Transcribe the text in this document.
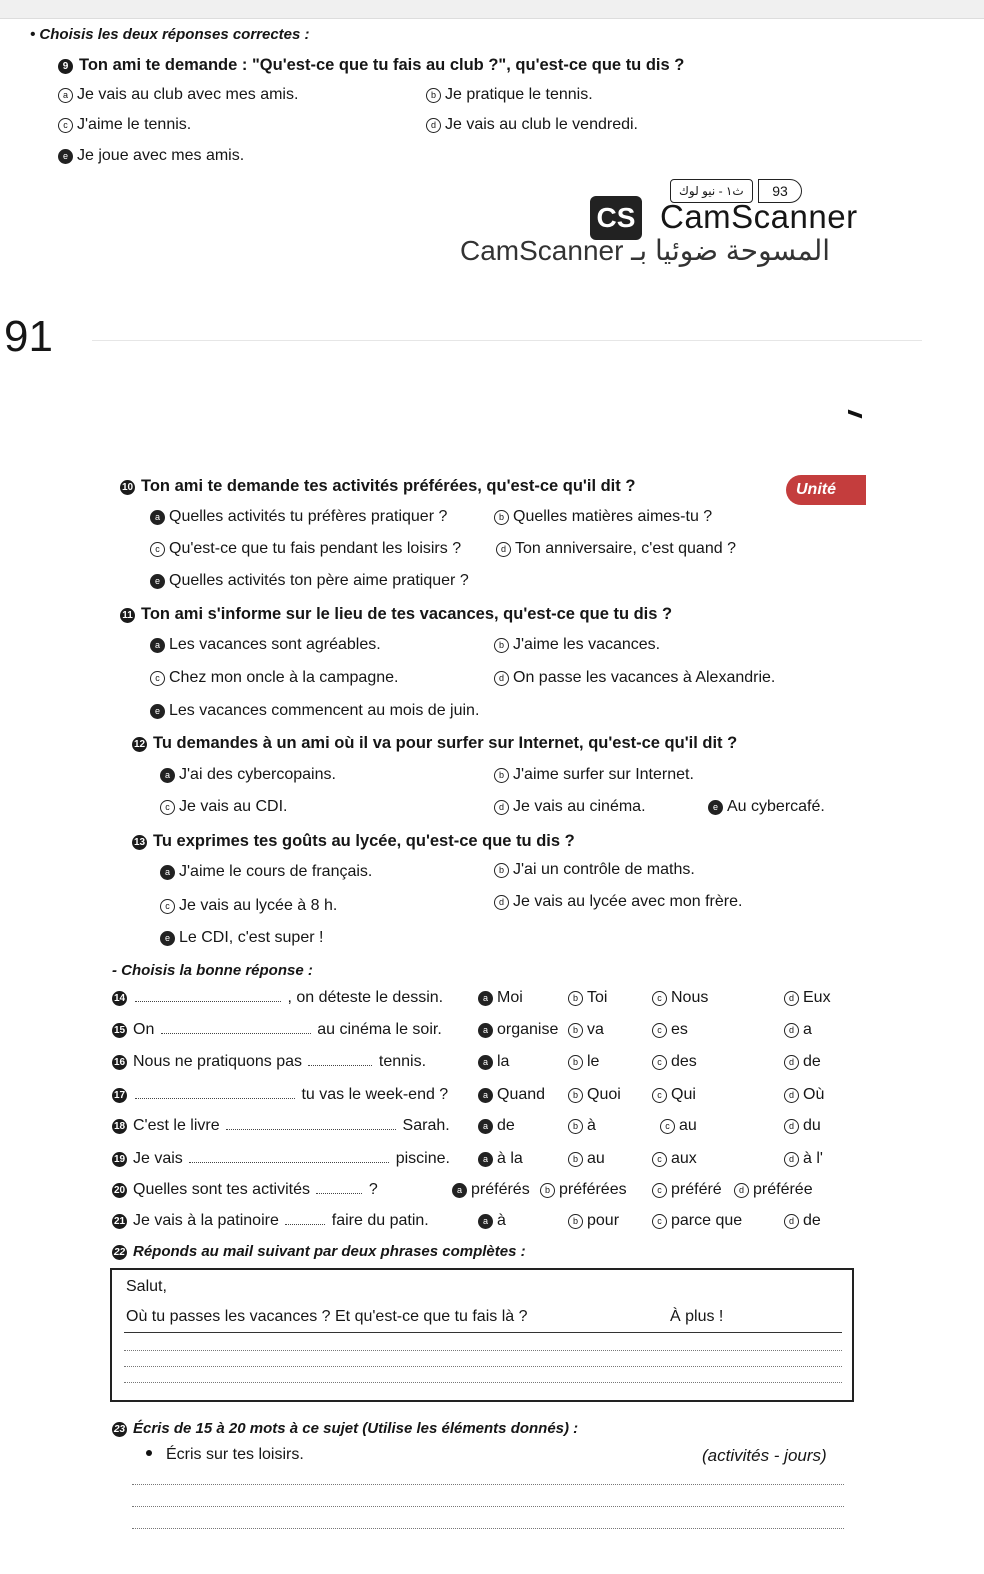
• Choisis les deux réponses correctes :
9 Ton ami te demande : "Qu'est-ce que tu fais au club ?", qu'est-ce que tu dis ?
a Je vais au club avec mes amis.	b Je pratique le tennis.
c J'aime le tennis.	d Je vais au club le vendredi.
e Je joue avec mes amis.
ث١ - نيو لوك	93
CS CamScanner
المسوحة ضوئيا بـ CamScanner
91
Unité
10 Ton ami te demande tes activités préférées, qu'est-ce qu'il dit ?
a Quelles activités tu préfères pratiquer ?	b Quelles matières aimes-tu ?
c Qu'est-ce que tu fais pendant les loisirs ?	d Ton anniversaire, c'est quand ?
e Quelles activités ton père aime pratiquer ?
11 Ton ami s'informe sur le lieu de tes vacances, qu'est-ce que tu dis ?
a Les vacances sont agréables.	b J'aime les vacances.
c Chez mon oncle à la campagne.	d On passe les vacances à Alexandrie.
e Les vacances commencent au mois de juin.
12 Tu demandes à un ami où il va pour surfer sur Internet, qu'est-ce qu'il dit ?
a J'ai des cybercopains.	b J'aime surfer sur Internet.
c Je vais au CDI.	d Je vais au cinéma.	e Au cybercafé.
13 Tu exprimes tes goûts au lycée, qu'est-ce que tu dis ?
a J'aime le cours de français.	b J'ai un contrôle de maths.
c Je vais au lycée à 8 h.	d Je vais au lycée avec mon frère.
e Le CDI, c'est super !
- Choisis la bonne réponse :
22 Réponds au mail suivant par deux phrases complètes :
Salut,
Où tu passes les vacances ? Et qu'est-ce que tu fais là ?	À plus !
23 Écris de 15 à 20 mots à ce sujet (Utilise les éléments donnés) :
Écris sur tes loisirs.	(activités - jours)
14	, on déteste le dessin.	a Moi	b Toi	c Nous	d Eux
15 On	au cinéma le soir.	a organise	b va	c es	d a
16 Nous ne pratiquons pas	tennis.	a la	b le	c des	d de
17	tu vas le week-end ?	a Quand	b Quoi	c Qui	d Où
18 C'est le livre	Sarah.	a de	b à	c au	d du
19 Je vais	piscine.	a à la	b au	c aux	d à l'
20 Quelles sont tes activités	?	a préférés	b préférées	c préféré	d préférée
21 Je vais à la patinoire	faire du patin.	a à	b pour	c parce que	d de
